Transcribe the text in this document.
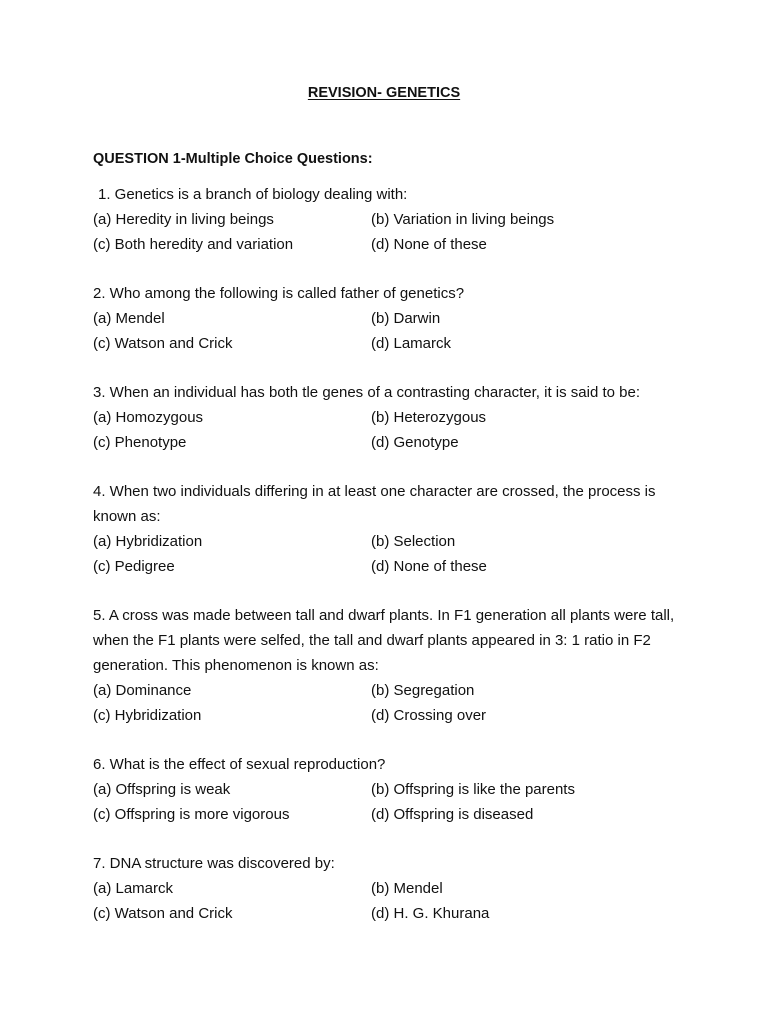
REVISION- GENETICS
QUESTION 1-Multiple Choice Questions:
1. Genetics is a branch of biology dealing with:
(a) Heredity in living beings	(b) Variation in living beings
(c) Both heredity and variation	(d) None of these
2. Who among the following is called father of genetics?
(a) Mendel	(b) Darwin
(c) Watson and Crick	(d) Lamarck
3. When an individual has both tle genes of a contrasting character, it is said to be:
(a) Homozygous	(b) Heterozygous
(c) Phenotype	(d) Genotype
4. When two individuals differing in at least one character are crossed, the process is known as:
(a) Hybridization	(b) Selection
(c) Pedigree	(d) None of these
5. A cross was made between tall and dwarf plants. In F1 generation all plants were tall, when the F1 plants were selfed, the tall and dwarf plants appeared in 3: 1 ratio in F2 generation. This phenomenon is known as:
(a) Dominance	(b) Segregation
(c) Hybridization	(d) Crossing over
6. What is the effect of sexual reproduction?
(a) Offspring is weak	(b) Offspring is like the parents
(c) Offspring is more vigorous	(d) Offspring is diseased
7. DNA structure was discovered by:
(a) Lamarck	(b) Mendel
(c) Watson and Crick	(d) H. G. Khurana
